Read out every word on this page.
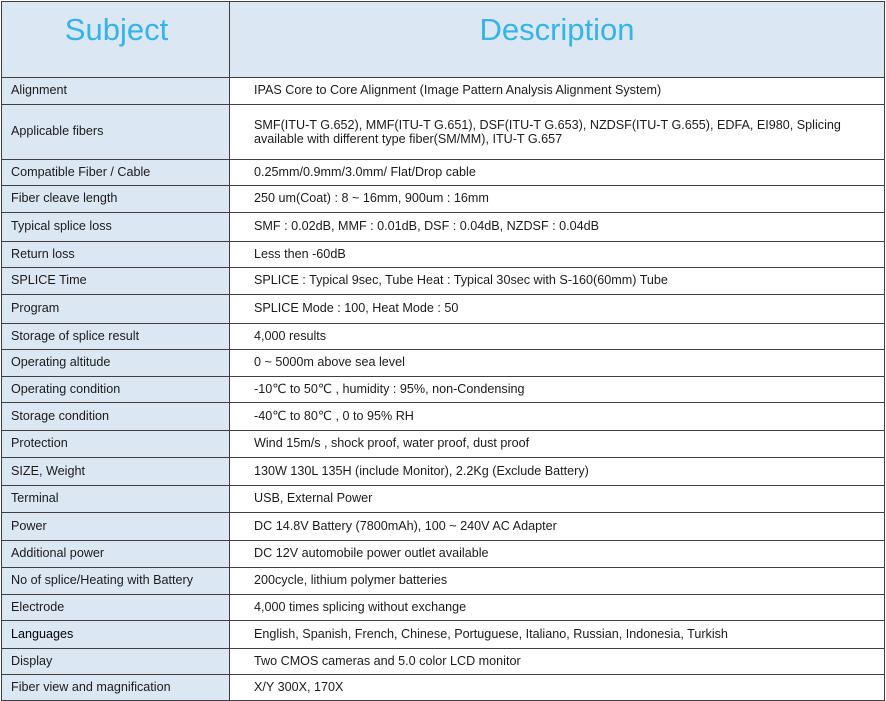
Subject	Description
Alignment	IPAS Core to Core Alignment (Image Pattern Analysis Alignment System)
Applicable fibers	SMF(ITU-T G.652), MMF(ITU-T G.651), DSF(ITU-T G.653), NZDSF(ITU-T G.655), EDFA, EI980, Splicing available with different type fiber(SM/MM), ITU-T G.657
Compatible Fiber / Cable	0.25mm/0.9mm/3.0mm/ Flat/Drop cable
Fiber cleave length	250 um(Coat) : 8 ~ 16mm, 900um : 16mm
Typical splice loss	SMF : 0.02dB, MMF : 0.01dB, DSF : 0.04dB, NZDSF : 0.04dB
Return loss	Less then -60dB
SPLICE Time	SPLICE : Typical 9sec, Tube Heat : Typical 30sec with S-160(60mm) Tube
Program	SPLICE Mode : 100, Heat Mode : 50
Storage of splice result	4,000 results
Operating altitude	0 ~ 5000m above sea level
Operating condition	-10℃ to 50℃ , humidity : 95%, non-Condensing
Storage condition	-40℃ to 80℃ , 0 to 95% RH
Protection	Wind 15m/s , shock proof, water proof, dust proof
SIZE, Weight	130W 130L 135H (include Monitor), 2.2Kg (Exclude Battery)
Terminal	USB, External Power
Power	DC 14.8V Battery (7800mAh), 100 ~ 240V AC Adapter
Additional power	DC 12V automobile power outlet available
No of splice/Heating with Battery	200cycle, lithium polymer batteries
Electrode	4,000 times splicing without exchange
Languages	English, Spanish, French, Chinese, Portuguese, Italiano, Russian, Indonesia, Turkish
Display	Two CMOS cameras and 5.0 color LCD monitor
Fiber view and magnification	X/Y 300X, 170X
